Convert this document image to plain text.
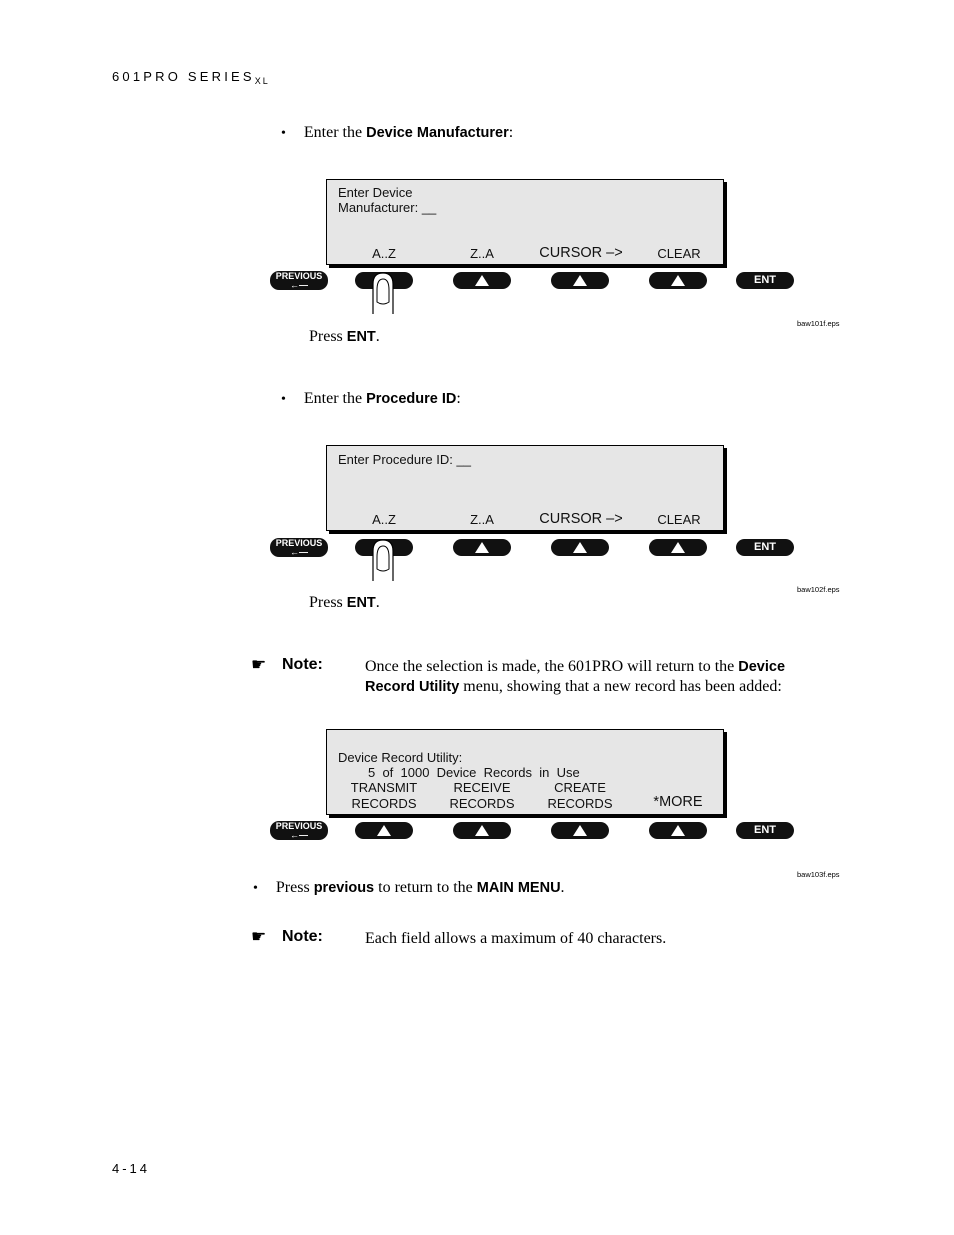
601PRO $SERIES_{XL}$
• Enter the Device Manufacturer:
Enter Device
Manufacturer: __
A..Z	Z..A	CURSOR –>	CLEAR
PREVIOUS
←—	ENT
baw101f.eps
Press ENT.
• Enter the Procedure ID:
Enter Procedure ID: __
A..Z	Z..A	CURSOR –>	CLEAR
PREVIOUS
←—	ENT
baw102f.eps
Press ENT.
☛ Note:	Once the selection is made, the 601PRO will return to the Device
Record Utility menu, showing that a new record has been added:
Device Record Utility:
5  of  1000  Device  Records  in  Use
TRANSMIT	RECEIVE	CREATE
RECORDS	RECORDS	RECORDS	*MORE
PREVIOUS
←—	ENT
baw103f.eps
• Press previous to return to the MAIN MENU.
☛ Note:	Each field allows a maximum of 40 characters.
4-14
